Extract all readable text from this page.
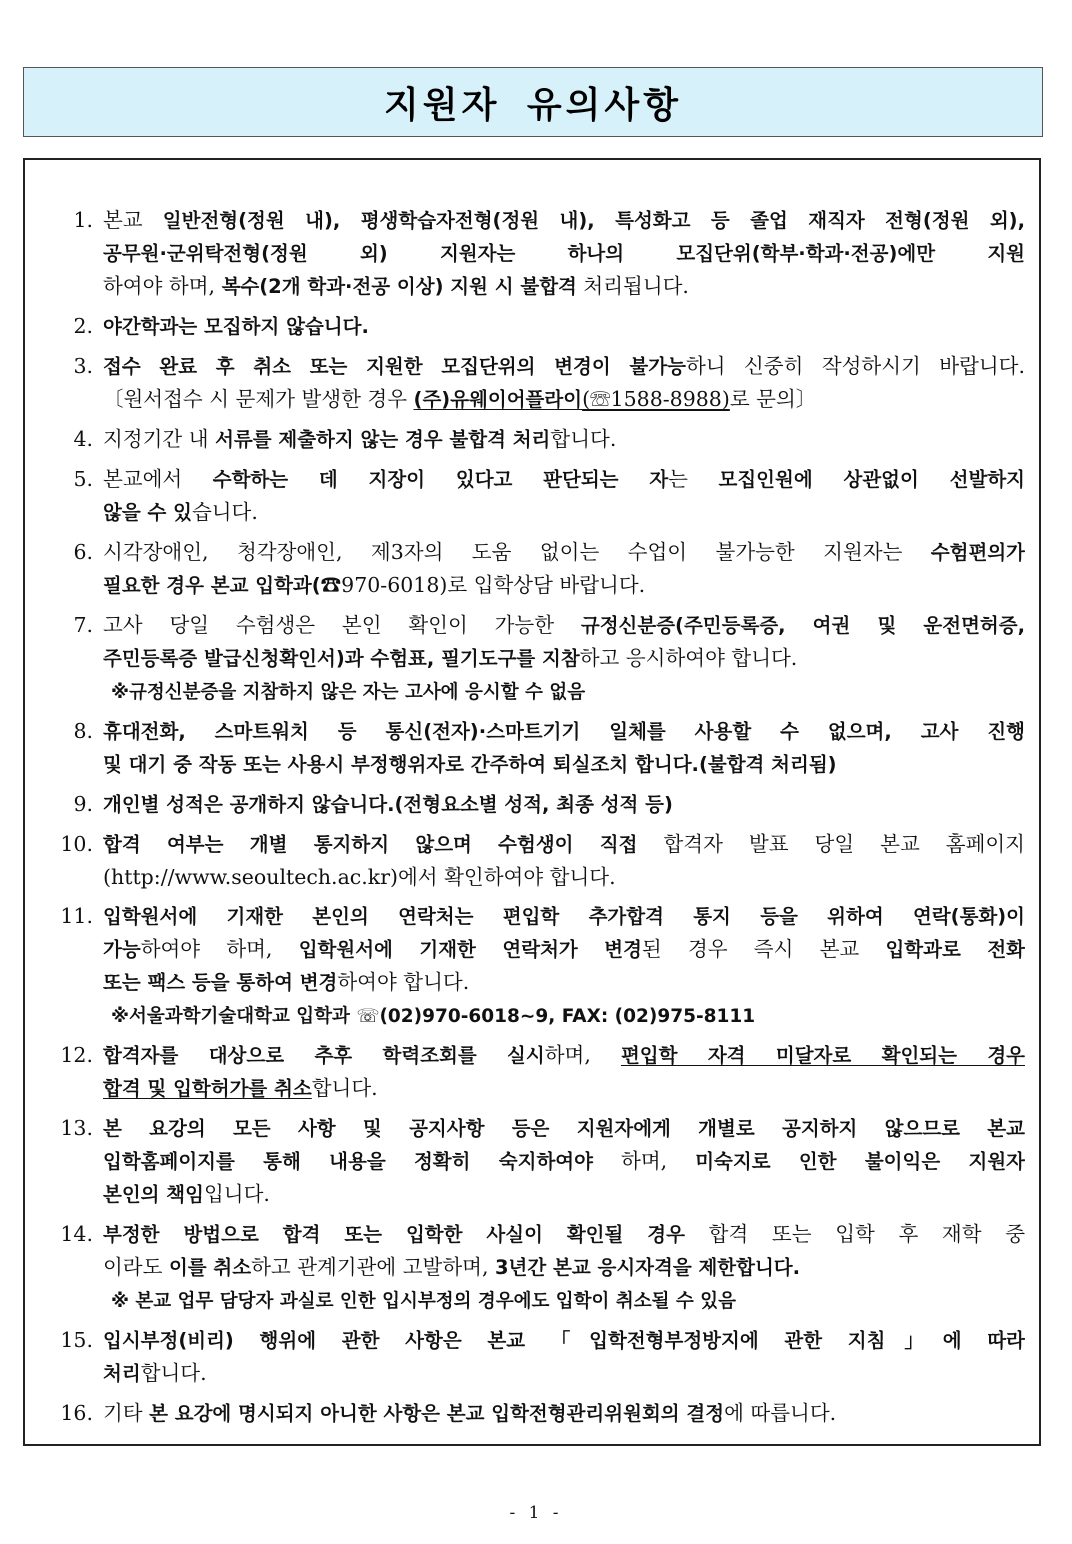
지원자 유의사항
1. 본교 일반전형(정원 내), 평생학습자전형(정원 내), 특성화고 등 졸업 재직자 전형(정원 외),
공무원·군위탁전형(정원 외) 지원자는 하나의 모집단위(학부·학과·전공)에만 지원
하여야 하며, 복수(2개 학과·전공 이상) 지원 시 불합격 처리됩니다.
2. 야간학과는 모집하지 않습니다.
3. 접수 완료 후 취소 또는 지원한 모집단위의 변경이 불가능하니 신중히 작성하시기 바랍니다.
〔원서접수 시 문제가 발생한 경우 (주)유웨이어플라이(☏1588-8988)로 문의〕
4. 지정기간 내 서류를 제출하지 않는 경우 불합격 처리합니다.
5. 본교에서 수학하는 데 지장이 있다고 판단되는 자는 모집인원에 상관없이 선발하지
않을 수 있습니다.
6. 시각장애인, 청각장애인, 제3자의 도움 없이는 수업이 불가능한 지원자는 수험편의가
필요한 경우 본교 입학과(☎970-6018)로 입학상담 바랍니다.
7. 고사 당일 수험생은 본인 확인이 가능한 규정신분증(주민등록증, 여권 및 운전면허증,
주민등록증 발급신청확인서)과 수험표, 필기도구를 지참하고 응시하여야 합니다.
※규정신분증을 지참하지 않은 자는 고사에 응시할 수 없음
8. 휴대전화, 스마트워치 등 통신(전자)·스마트기기 일체를 사용할 수 없으며, 고사 진행
및 대기 중 작동 또는 사용시 부정행위자로 간주하여 퇴실조치 합니다.(불합격 처리됨)
9. 개인별 성적은 공개하지 않습니다.(전형요소별 성적, 최종 성적 등)
10. 합격 여부는 개별 통지하지 않으며 수험생이 직접 합격자 발표 당일 본교 홈페이지
(http://www.seoultech.ac.kr)에서 확인하여야 합니다.
11. 입학원서에 기재한 본인의 연락처는 편입학 추가합격 통지 등을 위하여 연락(통화)이
가능하여야 하며, 입학원서에 기재한 연락처가 변경된 경우 즉시 본교 입학과로 전화
또는 팩스 등을 통하여 변경하여야 합니다.
※서울과학기술대학교 입학과 ☏(02)970-6018∼9, FAX: (02)975-8111
12. 합격자를 대상으로 추후 학력조회를 실시하며, 편입학 자격 미달자로 확인되는 경우
합격 및 입학허가를 취소합니다.
13. 본 요강의 모든 사항 및 공지사항 등은 지원자에게 개별로 공지하지 않으므로 본교
입학홈페이지를 통해 내용을 정확히 숙지하여야 하며, 미숙지로 인한 불이익은 지원자
본인의 책임입니다.
14. 부정한 방법으로 합격 또는 입학한 사실이 확인될 경우 합격 또는 입학 후 재학 중
이라도 이를 취소하고 관계기관에 고발하며, 3년간 본교 응시자격을 제한합니다.
※ 본교 업무 담당자 과실로 인한 입시부정의 경우에도 입학이 취소될 수 있음
15. 입시부정(비리) 행위에 관한 사항은 본교 「입학전형부정방지에 관한 지침」에 따라
처리합니다.
16. 기타 본 요강에 명시되지 아니한 사항은 본교 입학전형관리위원회의 결정에 따릅니다.
- 1 -
